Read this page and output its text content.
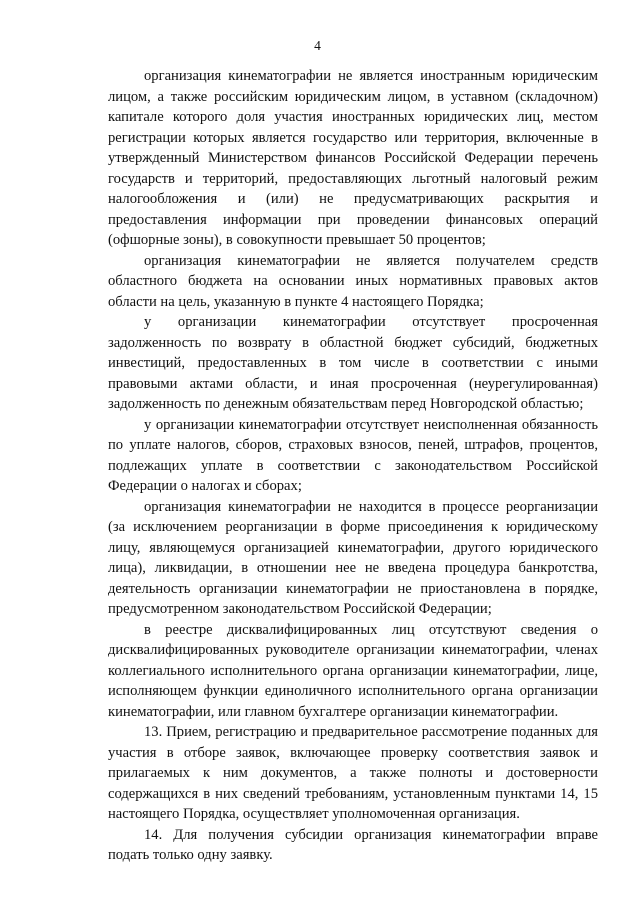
4

организация кинематографии не является иностранным юридическим лицом, а также российским юридическим лицом, в уставном (складочном) капитале которого доля участия иностранных юридических лиц, местом регистрации которых является государство или территория, включенные в утвержденный Министерством финансов Российской Федерации перечень государств и территорий, предоставляющих льготный налоговый режим налогообложения и (или) не предусматривающих раскрытия и предоставления информации при проведении финансовых операций (офшорные зоны), в совокупности превышает 50 процентов;

организация кинематографии не является получателем средств областного бюджета на основании иных нормативных правовых актов области на цель, указанную в пункте 4 настоящего Порядка;

у организации кинематографии отсутствует просроченная задолженность по возврату в областной бюджет субсидий, бюджетных инвестиций, предоставленных в том числе в соответствии с иными правовыми актами области, и иная просроченная (неурегулированная) задолженность по денежным обязательствам перед Новгородской областью;

у организации кинематографии отсутствует неисполненная обязанность по уплате налогов, сборов, страховых взносов, пеней, штрафов, процентов, подлежащих уплате в соответствии с законодательством Российской Федерации о налогах и сборах;

организация кинематографии не находится в процессе реорганизации (за исключением реорганизации в форме присоединения к юридическому лицу, являющемуся организацией кинематографии, другого юридического лица), ликвидации, в отношении нее не введена процедура банкротства, деятельность организации кинематографии не приостановлена в порядке, предусмотренном законодательством Российской Федерации;

в реестре дисквалифицированных лиц отсутствуют сведения о дисквалифицированных руководителе организации кинематографии, членах коллегиального исполнительного органа организации кинематографии, лице, исполняющем функции единоличного исполнительного органа организации кинематографии, или главном бухгалтере организации кинематографии.

13. Прием, регистрацию и предварительное рассмотрение поданных для участия в отборе заявок, включающее проверку соответствия заявок и прилагаемых к ним документов, а также полноты и достоверности содержащихся в них сведений требованиям, установленным пунктами 14, 15 настоящего Порядка, осуществляет уполномоченная организация.

14. Для получения субсидии организация кинематографии вправе подать только одну заявку.
